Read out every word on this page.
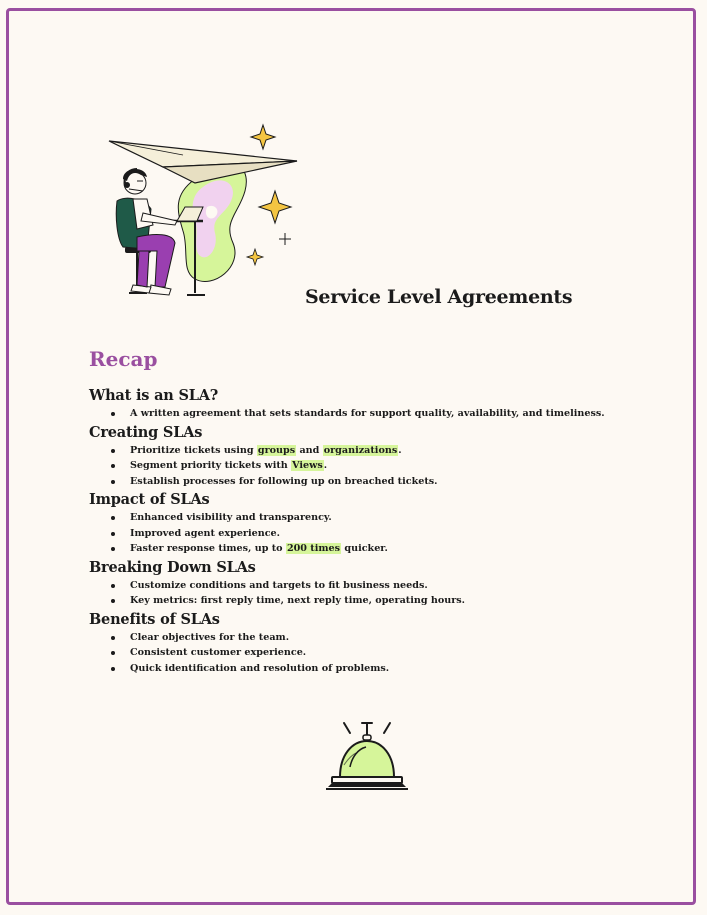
Service Level Agreements
Recap
What is an SLA?
A written agreement that sets standards for support quality, availability, and timeliness.
Creating SLAs
Prioritize tickets using groups and organizations.
Segment priority tickets with Views.
Establish processes for following up on breached tickets.
Impact of SLAs
Enhanced visibility and transparency.
Improved agent experience.
Faster response times, up to 200 times quicker.
Breaking Down SLAs
Customize conditions and targets to fit business needs.
Key metrics: first reply time, next reply time, operating hours.
Benefits of SLAs
Clear objectives for the team.
Consistent customer experience.
Quick identification and resolution of problems.
